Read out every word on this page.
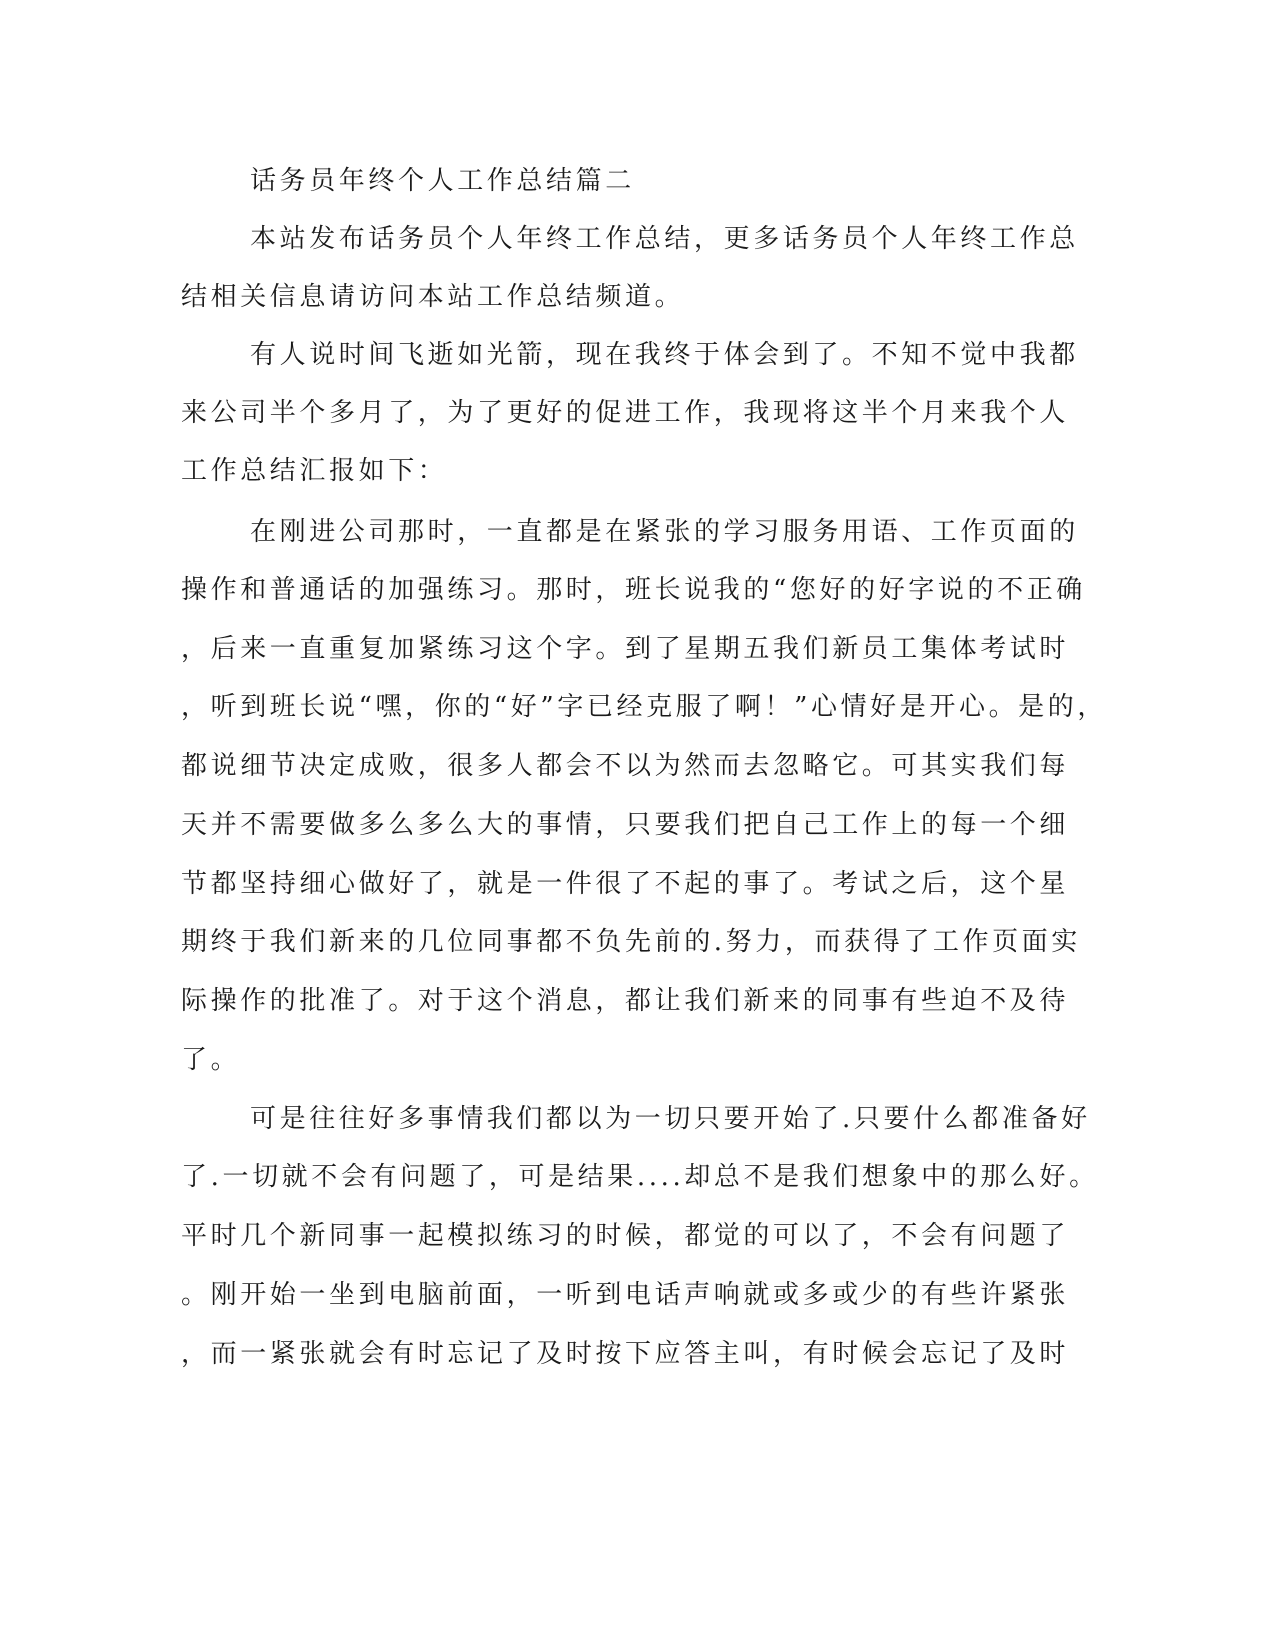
话务员年终个人工作总结篇二
本站发布话务员个人年终工作总结，更多话务员个人年终工作总
结相关信息请访问本站工作总结频道。
有人说时间飞逝如光箭，现在我终于体会到了。不知不觉中我都
来公司半个多月了，为了更好的促进工作，我现将这半个月来我个人
工作总结汇报如下：
在刚进公司那时，一直都是在紧张的学习服务用语、工作页面的
操作和普通话的加强练习。那时，班长说我的“您好的好字说的不正确
，后来一直重复加紧练习这个字。到了星期五我们新员工集体考试时
，听到班长说“嘿，你的“好”字已经克服了啊！”心情好是开心。是的，
都说细节决定成败，很多人都会不以为然而去忽略它。可其实我们每
天并不需要做多么多么大的事情，只要我们把自己工作上的每一个细
节都坚持细心做好了，就是一件很了不起的事了。考试之后，这个星
期终于我们新来的几位同事都不负先前的.努力，而获得了工作页面实
际操作的批准了。对于这个消息，都让我们新来的同事有些迫不及待
了。
可是往往好多事情我们都以为一切只要开始了.只要什么都准备好
了.一切就不会有问题了，可是结果....却总不是我们想象中的那么好。
平时几个新同事一起模拟练习的时候，都觉的可以了，不会有问题了
。刚开始一坐到电脑前面，一听到电话声响就或多或少的有些许紧张
，而一紧张就会有时忘记了及时按下应答主叫，有时候会忘记了及时
